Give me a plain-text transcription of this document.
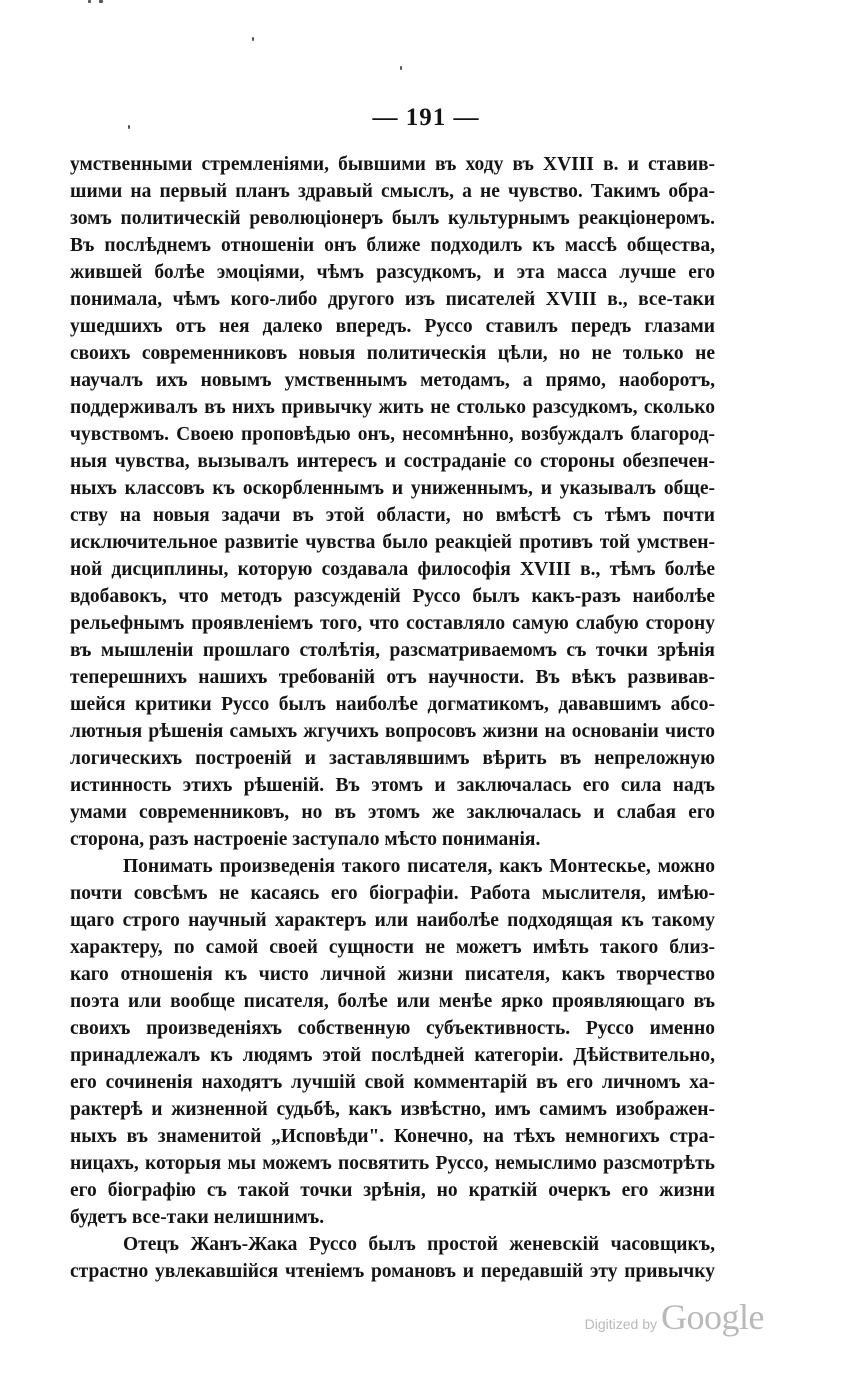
— 191 —
умственными стремленіями, бывшими въ ходу въ XVIII в. и ставив-
шими на первый планъ здравый смыслъ, а не чувство. Такимъ обра-
зомъ политическій революціонеръ былъ культурнымъ реакціонеромъ.
Въ послѣднемъ отношеніи онъ ближе подходилъ къ массѣ общества,
жившей болѣе эмоціями, чѣмъ разсудкомъ, и эта масса лучше его
понимала, чѣмъ кого-либо другого изъ писателей XVIII в., все-таки
ушедшихъ отъ нея далеко впередъ. Руссо ставилъ передъ глазами
своихъ современниковъ новыя политическія цѣли, но не только не
научалъ ихъ новымъ умственнымъ методамъ, а прямо, наоборотъ,
поддерживалъ въ нихъ привычку жить не столько разсудкомъ, сколько
чувствомъ. Своею проповѣдью онъ, несомнѣнно, возбуждалъ благород-
ныя чувства, вызывалъ интересъ и состраданіе со стороны обезпечен-
ныхъ классовъ къ оскорбленнымъ и униженнымъ, и указывалъ обще-
ству на новыя задачи въ этой области, но вмѣстѣ съ тѣмъ почти
исключительное развитіе чувства было реакціей противъ той умствен-
ной дисциплины, которую создавала философія XVIII в., тѣмъ болѣе
вдобавокъ, что методъ разсужденій Руссо былъ какъ-разъ наиболѣе
рельефнымъ проявленіемъ того, что составляло самую слабую сторону
въ мышленіи прошлаго столѣтія, разсматриваемомъ съ точки зрѣнія
теперешнихъ нашихъ требованій отъ научности. Въ вѣкъ развивав-
шейся критики Руссо былъ наиболѣе догматикомъ, дававшимъ абсо-
лютныя рѣшенія самыхъ жгучихъ вопросовъ жизни на основаніи чисто
логическихъ построеній и заставлявшимъ вѣрить въ непреложную
истинность этихъ рѣшеній. Въ этомъ и заключалась его сила надъ
умами современниковъ, но въ этомъ же заключалась и слабая его
сторона, разъ настроеніе заступало мѣсто пониманія.
Понимать произведенія такого писателя, какъ Монтескье, можно
почти совсѣмъ не касаясь его біографіи. Работа мыслителя, имѣю-
щаго строго научный характеръ или наиболѣе подходящая къ такому
характеру, по самой своей сущности не можетъ имѣть такого близ-
каго отношенія къ чисто личной жизни писателя, какъ творчество
поэта или вообще писателя, болѣе или менѣе ярко проявляющаго въ
своихъ произведеніяхъ собственную субъективность. Руссо именно
принадлежалъ къ людямъ этой послѣдней категоріи. Дѣйствительно,
его сочиненія находятъ лучшій свой комментарій въ его личномъ ха-
рактерѣ и жизненной судьбѣ, какъ извѣстно, имъ самимъ изображен-
ныхъ въ знаменитой „Исповѣди". Конечно, на тѣхъ немногихъ стра-
ницахъ, которыя мы можемъ посвятить Руссо, немыслимо разсмотрѣть
его біографію съ такой точки зрѣнія, но краткій очеркъ его жизни
будетъ все-таки нелишнимъ.
Отецъ Жанъ-Жака Руссо былъ простой женевскій часовщикъ,
страстно увлекавшійся чтеніемъ романовъ и передавшій эту привычку
Digitized by Google
